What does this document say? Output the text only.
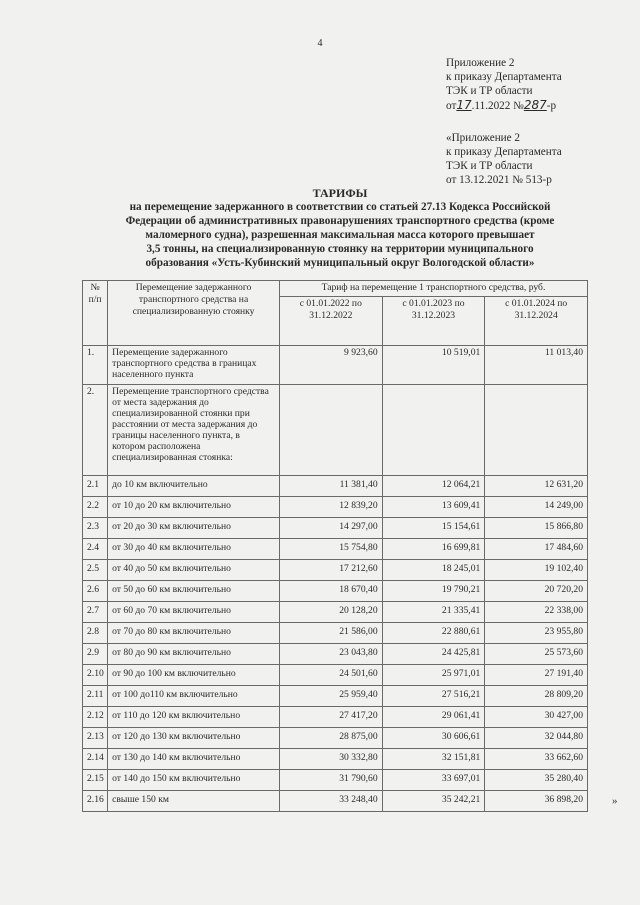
4
Приложение 2
к приказу Департамента
ТЭК и ТР области
от17.11.2022 №287-р
«Приложение 2
к приказу Департамента
ТЭК и ТР области
от 13.12.2021 № 513-р
ТАРИФЫ
на перемещение задержанного в соответствии со статьей 27.13 Кодекса Российской
Федерации об административных правонарушениях транспортного средства (кроме
маломерного судна), разрешенная максимальная масса которого превышает
3,5 тонны, на специализированную стоянку на территории муниципального
образования «Усть-Кубинский муниципальный округ Вологодской области»
№ п/п	Перемещение задержанного транспортного средства на специализированную стоянку	Тариф на перемещение 1 транспортного средства, руб.		
		с 01.01.2022 по 31.12.2022	с 01.01.2023 по 31.12.2023	с 01.01.2024 по 31.12.2024
1.	Перемещение задержанного транспортного средства в границах населенного пункта	9 923,60	10 519,01	11 013,40
2.	Перемещение транспортного средства от места задержания до специализированной стоянки при расстоянии от места задержания до границы населенного пункта, в котором расположена специализированная стоянка:			
2.1	до 10 км включительно	11 381,40	12 064,21	12 631,20
2.2	от 10 до 20 км включительно	12 839,20	13 609,41	14 249,00
2.3	от 20 до 30 км включительно	14 297,00	15 154,61	15 866,80
2.4	от 30 до 40 км включительно	15 754,80	16 699,81	17 484,60
2.5	от 40 до 50 км включительно	17 212,60	18 245,01	19 102,40
2.6	от 50 до 60 км включительно	18 670,40	19 790,21	20 720,20
2.7	от 60 до 70 км включительно	20 128,20	21 335,41	22 338,00
2.8	от 70 до 80 км включительно	21 586,00	22 880,61	23 955,80
2.9	от 80 до 90 км включительно	23 043,80	24 425,81	25 573,60
2.10	от 90 до 100 км включительно	24 501,60	25 971,01	27 191,40
2.11	от 100 до110 км включительно	25 959,40	27 516,21	28 809,20
2.12	от 110 до 120 км включительно	27 417,20	29 061,41	30 427,00
2.13	от 120 до 130 км включительно	28 875,00	30 606,61	32 044,80
2.14	от 130 до 140 км включительно	30 332,80	32 151,81	33 662,60
2.15	от 140 до 150 км включительно	31 790,60	33 697,01	35 280,40
2.16	свыше 150 км	33 248,40	35 242,21	36 898,20	»
